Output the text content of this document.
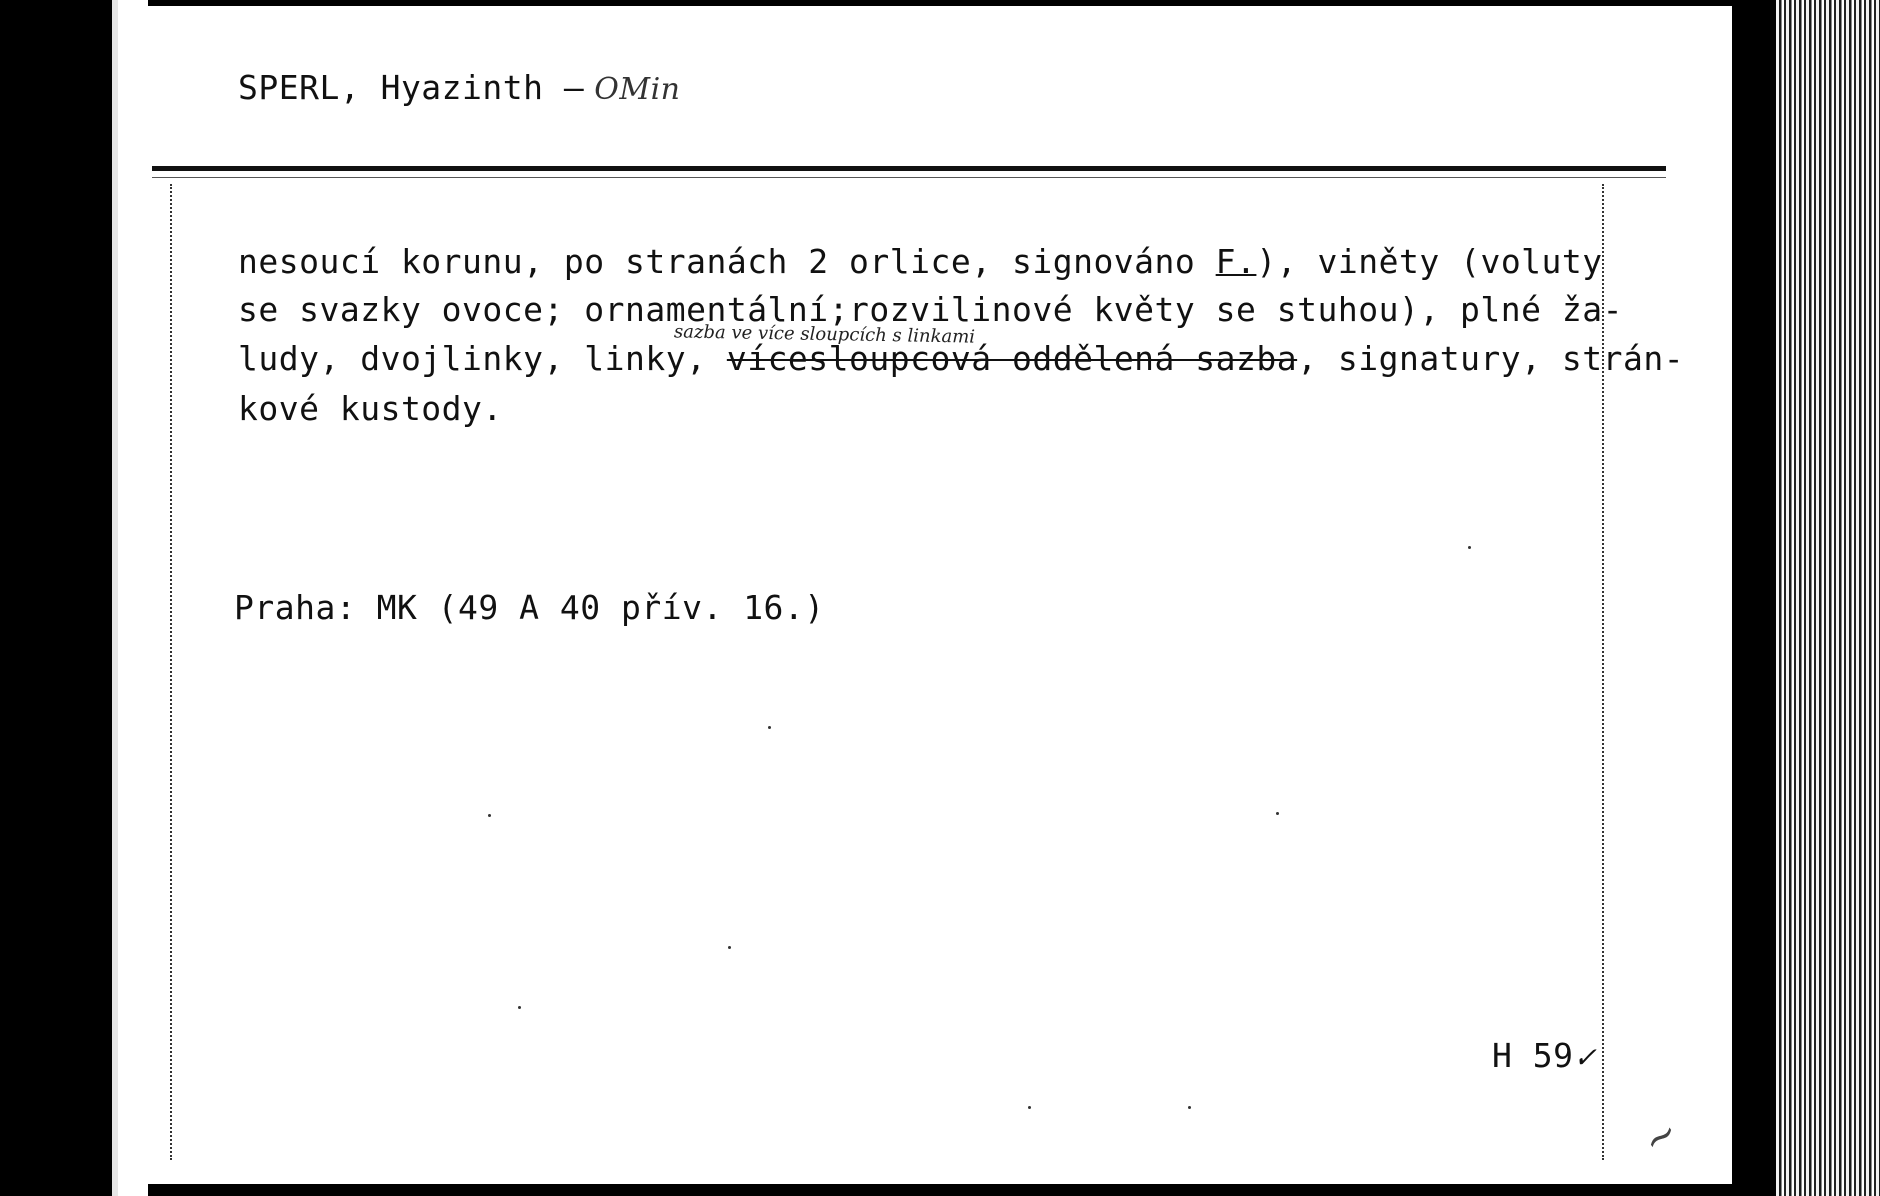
SPERL, Hyazinth – OMin
nesoucí korunu, po stranách 2 orlice, signováno F.), viněty (voluty
sazba ve více sloupcích s linkami
se svazky ovoce; ornamentální;rozvilinové květy se stuhou), plné ža-
ludy, dvojlinky, linky, vícesloupcová oddělená sazba, signatury, strán-
kové kustody.
Praha: MK (49 A 40 přív. 16.)
H 59✓
~
